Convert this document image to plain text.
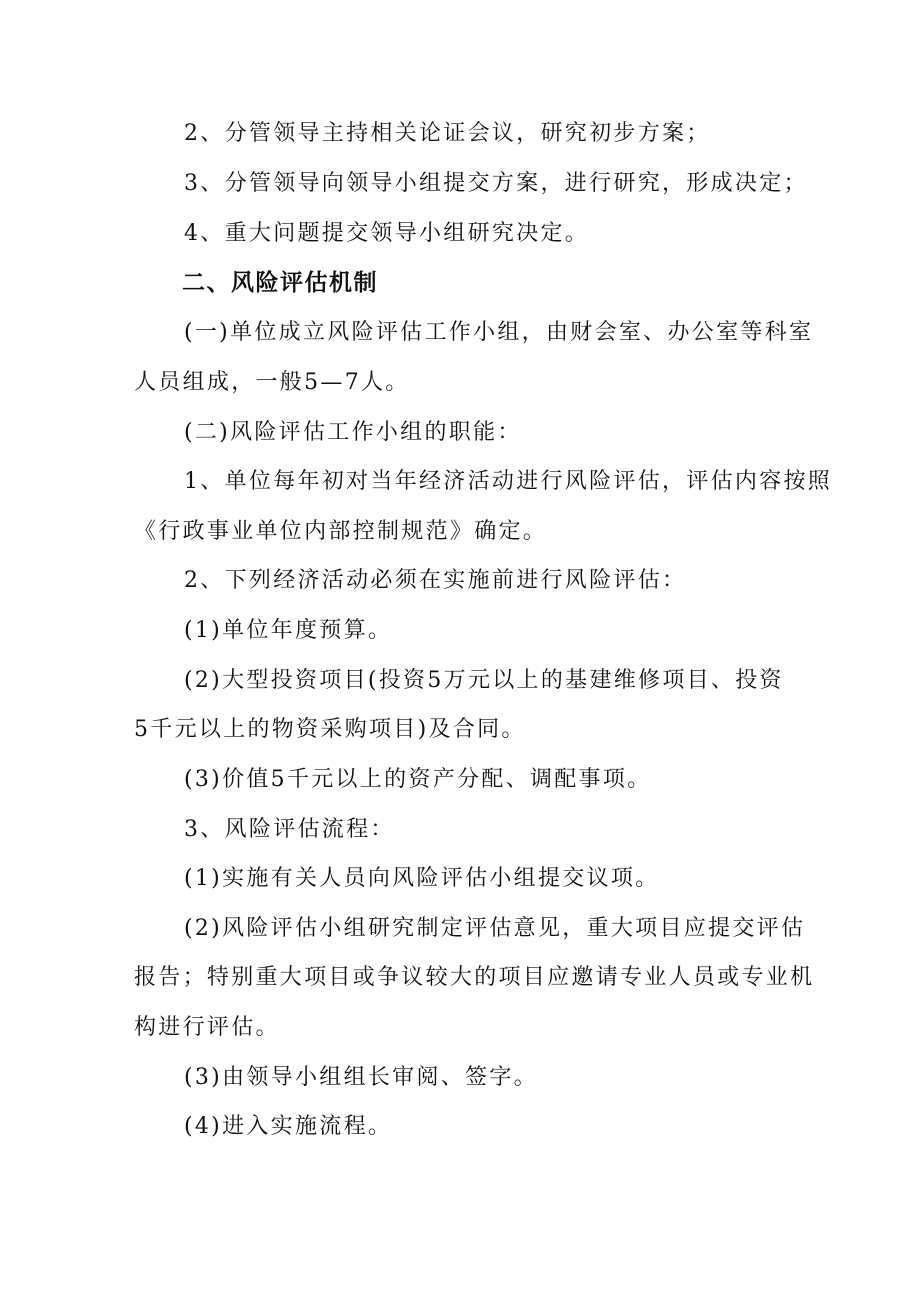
2、分管领导主持相关论证会议，研究初步方案；
3、分管领导向领导小组提交方案，进行研究，形成决定；
4、重大问题提交领导小组研究决定。
二、风险评估机制
(一)单位成立风险评估工作小组，由财会室、办公室等科室
人员组成，一般5—7人。
(二)风险评估工作小组的职能：
1、单位每年初对当年经济活动进行风险评估，评估内容按照
《行政事业单位内部控制规范》确定。
2、下列经济活动必须在实施前进行风险评估：
(1)单位年度预算。
(2)大型投资项目(投资5万元以上的基建维修项目、投资
5千元以上的物资采购项目)及合同。
(3)价值5千元以上的资产分配、调配事项。
3、风险评估流程：
(1)实施有关人员向风险评估小组提交议项。
(2)风险评估小组研究制定评估意见，重大项目应提交评估
报告；特别重大项目或争议较大的项目应邀请专业人员或专业机
构进行评估。
(3)由领导小组组长审阅、签字。
(4)进入实施流程。
